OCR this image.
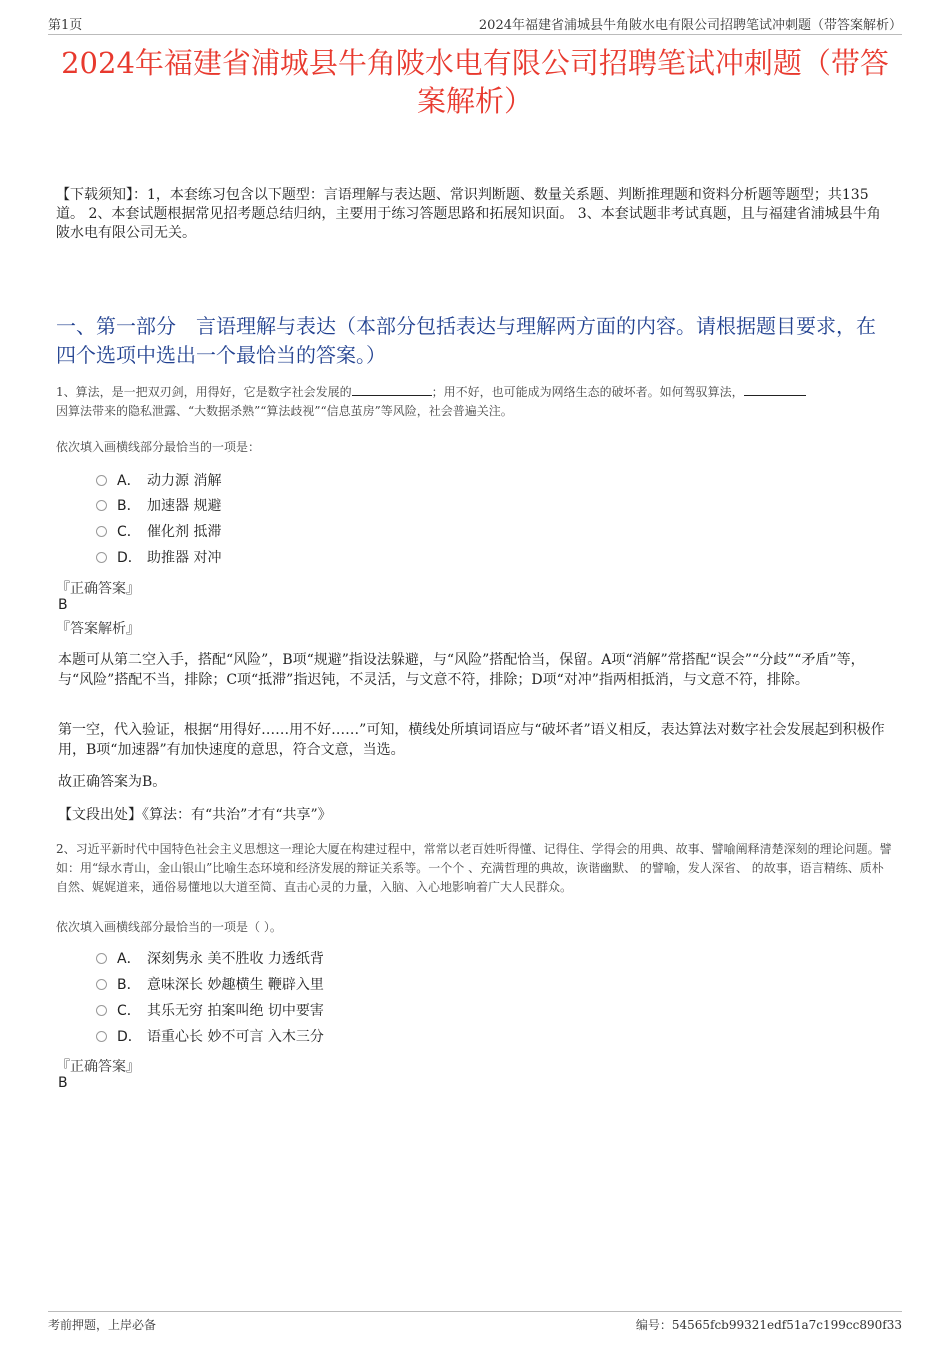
第1页	2024年福建省浦城县牛角陂水电有限公司招聘笔试冲刺题（带答案解析）
2024年福建省浦城县牛角陂水电有限公司招聘笔试冲刺题（带答案解析）
【下载须知】：1，本套练习包含以下题型：言语理解与表达题、常识判断题、数量关系题、判断推理题和资料分析题等题型；共135道。 2、本套试题根据常见招考题总结归纳，主要用于练习答题思路和拓展知识面。 3、本套试题非考试真题，且与福建省浦城县牛角陂水电有限公司无关。
一、第一部分　言语理解与表达（本部分包括表达与理解两方面的内容。请根据题目要求，在四个选项中选出一个最恰当的答案。）
1、算法，是一把双刃剑，用得好，它是数字社会发展的	；用不好，也可能成为网络生态的破坏者。如何驾驭算法，
因算法带来的隐私泄露、“大数据杀熟”“算法歧视”“信息茧房”等风险，社会普遍关注。
依次填入画横线部分最恰当的一项是：
A． 动力源 消解
B． 加速器 规避
C． 催化剂 抵滞
D． 助推器 对冲
『正确答案』
B
『答案解析』
本题可从第二空入手，搭配“风险”，B项“规避”指设法躲避，与“风险”搭配恰当，保留。A项“消解”常搭配“误会”“分歧”“矛盾”等，与“风险”搭配不当，排除；C项“抵滞”指迟钝，不灵活，与文意不符，排除；D项“对冲”指两相抵消，与文意不符，排除。
第一空，代入验证，根据“用得好……用不好……”可知，横线处所填词语应与“破坏者”语义相反，表达算法对数字社会发展起到积极作用，B项“加速器”有加快速度的意思，符合文意，当选。
故正确答案为B。
【文段出处】《算法：有“共治”才有“共享”》
2、习近平新时代中国特色社会主义思想这一理论大厦在构建过程中，常常以老百姓听得懂、记得住、学得会的用典、故事、譬喻阐释清楚深刻的理论问题。譬如：用“绿水青山，金山银山”比喻生态环境和经济发展的辩证关系等。一个个 、充满哲理的典故，诙谐幽默、 的譬喻，发人深省、 的故事，语言精练、质朴自然、娓娓道来，通俗易懂地以大道至简、直击心灵的力量，入脑、入心地影响着广大人民群众。
依次填入画横线部分最恰当的一项是（ ）。
A． 深刻隽永 美不胜收 力透纸背
B． 意味深长 妙趣横生 鞭辟入里
C． 其乐无穷 拍案叫绝 切中要害
D． 语重心长 妙不可言 入木三分
『正确答案』
B
考前押题，上岸必备	编号：54565fcb99321edf51a7c199cc890f33
